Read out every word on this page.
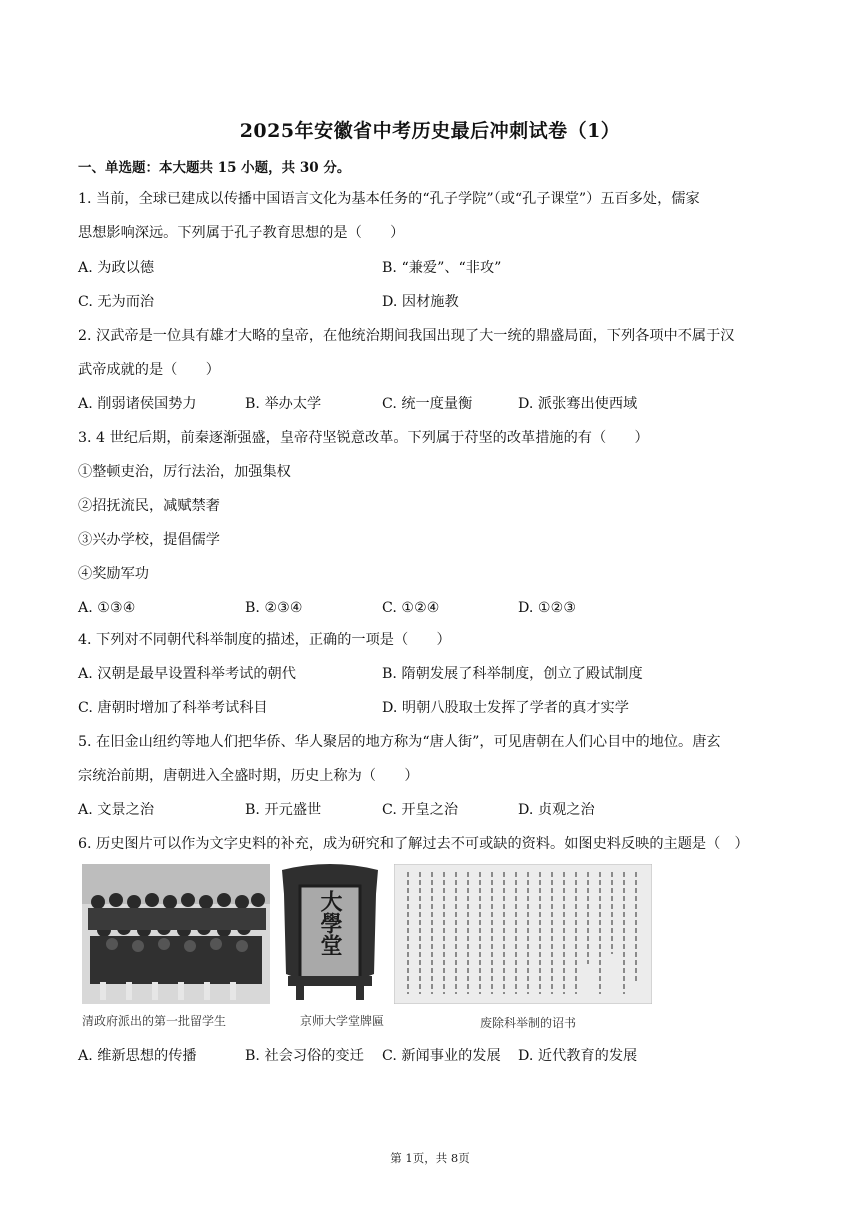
2025年安徽省中考历史最后冲刺试卷（1）
一、单选题：本大题共 15 小题，共 30 分。
1. 当前，全球已建成以传播中国语言文化为基本任务的“孔子学院”（或“孔子课堂”）五百多处，儒家
思想影响深远。下列属于孔子教育思想的是（　　）
A. 为政以德	B. “兼爱”、“非攻”
C. 无为而治	D. 因材施教
2. 汉武帝是一位具有雄才大略的皇帝，在他统治期间我国出现了大一统的鼎盛局面，下列各项中不属于汉
武帝成就的是（　　）
A. 削弱诸侯国势力	B. 举办太学	C. 统一度量衡	D. 派张骞出使西域
3. 4 世纪后期，前秦逐渐强盛，皇帝苻坚锐意改革。下列属于苻坚的改革措施的有（　　）
①整顿吏治，厉行法治，加强集权
②招抚流民，减赋禁奢
③兴办学校，提倡儒学
④奖励军功
A. ①③④	B. ②③④	C. ①②④	D. ①②③
4. 下列对不同朝代科举制度的描述，正确的一项是（　　）
A. 汉朝是最早设置科举考试的朝代	B. 隋朝发展了科举制度，创立了殿试制度
C. 唐朝时增加了科举考试科目	D. 明朝八股取士发挥了学者的真才实学
5. 在旧金山纽约等地人们把华侨、华人聚居的地方称为“唐人街”，可见唐朝在人们心目中的地位。唐玄
宗统治前期，唐朝进入全盛时期，历史上称为（　　）
A. 文景之治	B. 开元盛世	C. 开皇之治	D. 贞观之治
6. 历史图片可以作为文字史料的补充，成为研究和了解过去不可或缺的资料。如图史料反映的主题是（　）
清政府派出的第一批留学生
大學堂
京师大学堂牌匾	废除科举制的诏书
A. 维新思想的传播	B. 社会习俗的变迁 C. 新闻事业的发展 D. 近代教育的发展
第 1页，共 8页
